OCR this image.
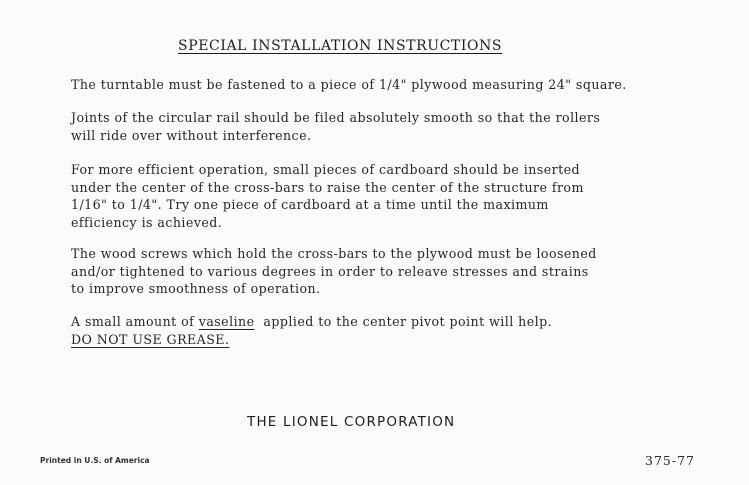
SPECIAL INSTALLATION INSTRUCTIONS
The turntable must be fastened to a piece of 1/4" plywood measuring 24" square.
Joints of the circular rail should be filed absolutely smooth so that the rollers
will ride over without interference.
For more efficient operation, small pieces of cardboard should be inserted
under the center of the cross-bars to raise the center of the structure from
1/16" to 1/4". Try one piece of cardboard at a time until the maximum
efficiency is achieved.
The wood screws which hold the cross-bars to the plywood must be loosened
and/or tightened to various degrees in order to releave stresses and strains
to improve smoothness of operation.
A small amount of vaseline  applied to the center pivot point will help.
DO NOT USE GREASE.
THE LIONEL CORPORATION
Printed in U.S. of America	375-77
